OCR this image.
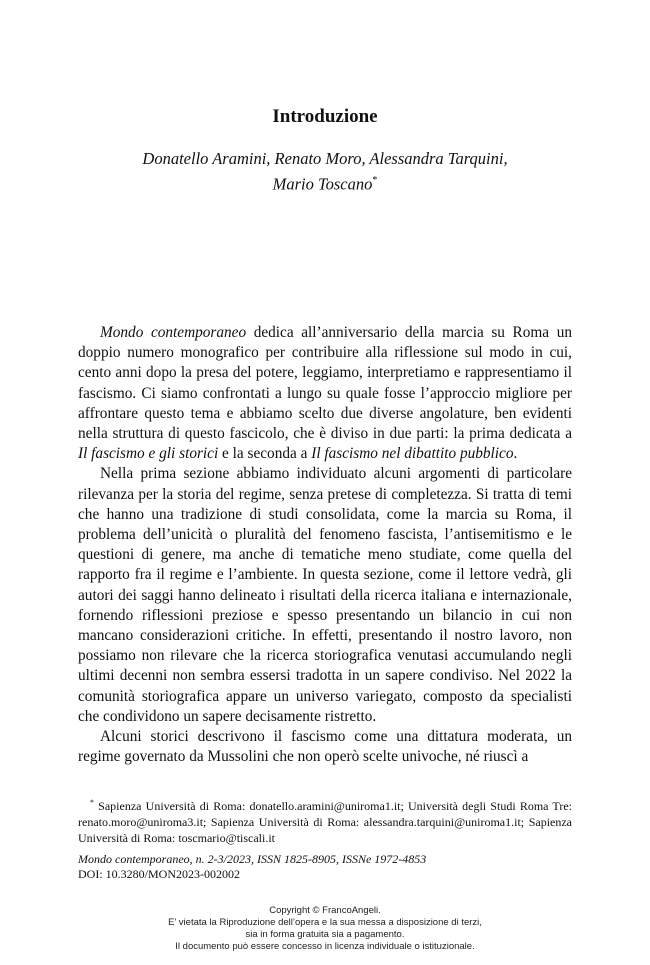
Introduzione
Donatello Aramini, Renato Moro, Alessandra Tarquini,
Mario Toscano*

Mondo contemporaneo dedica all’anniversario della marcia su Roma un doppio numero monografico per contribuire alla riflessione sul modo in cui, cento anni dopo la presa del potere, leggiamo, interpretiamo e rappresentiamo il fascismo. Ci siamo confrontati a lungo su quale fosse l’approccio migliore per affrontare questo tema e abbiamo scelto due diverse angolature, ben evidenti nella struttura di questo fascicolo, che è diviso in due parti: la prima dedicata a Il fascismo e gli storici e la seconda a Il fascismo nel dibattito pubblico.

Nella prima sezione abbiamo individuato alcuni argomenti di particolare rilevanza per la storia del regime, senza pretese di completezza. Si tratta di temi che hanno una tradizione di studi consolidata, come la marcia su Roma, il problema dell’unicità o pluralità del fenomeno fascista, l’antisemitismo e le questioni di genere, ma anche di tematiche meno studiate, come quella del rapporto fra il regime e l’ambiente. In questa sezione, come il lettore vedrà, gli autori dei saggi hanno delineato i risultati della ricerca italiana e internazionale, fornendo riflessioni preziose e spesso presentando un bilancio in cui non mancano considerazioni critiche. In effetti, presentando il nostro lavoro, non possiamo non rilevare che la ricerca storiografica venutasi accumulando negli ultimi decenni non sembra essersi tradotta in un sapere condiviso. Nel 2022 la comunità storiografica appare un universo variegato, composto da specialisti che condividono un sapere decisamente ristretto.

Alcuni storici descrivono il fascismo come una dittatura moderata, un regime governato da Mussolini che non operò scelte univoche, né riuscì a

* Sapienza Università di Roma: donatello.aramini@uniroma1.it; Università degli Studi Roma Tre: renato.moro@uniroma3.it; Sapienza Università di Roma: alessandra.tarquini@uniroma1.it; Sapienza Università di Roma: toscmario@tiscali.it

Mondo contemporaneo, n. 2-3/2023, ISSN 1825-8905, ISSNe 1972-4853
DOI: 10.3280/MON2023-002002
Copyright © FrancoAngeli.
E’ vietata la Riproduzione dell’opera e la sua messa a disposizione di terzi,
sia in forma gratuita sia a pagamento.
Il documento può essere concesso in licenza individuale o istituzionale.
